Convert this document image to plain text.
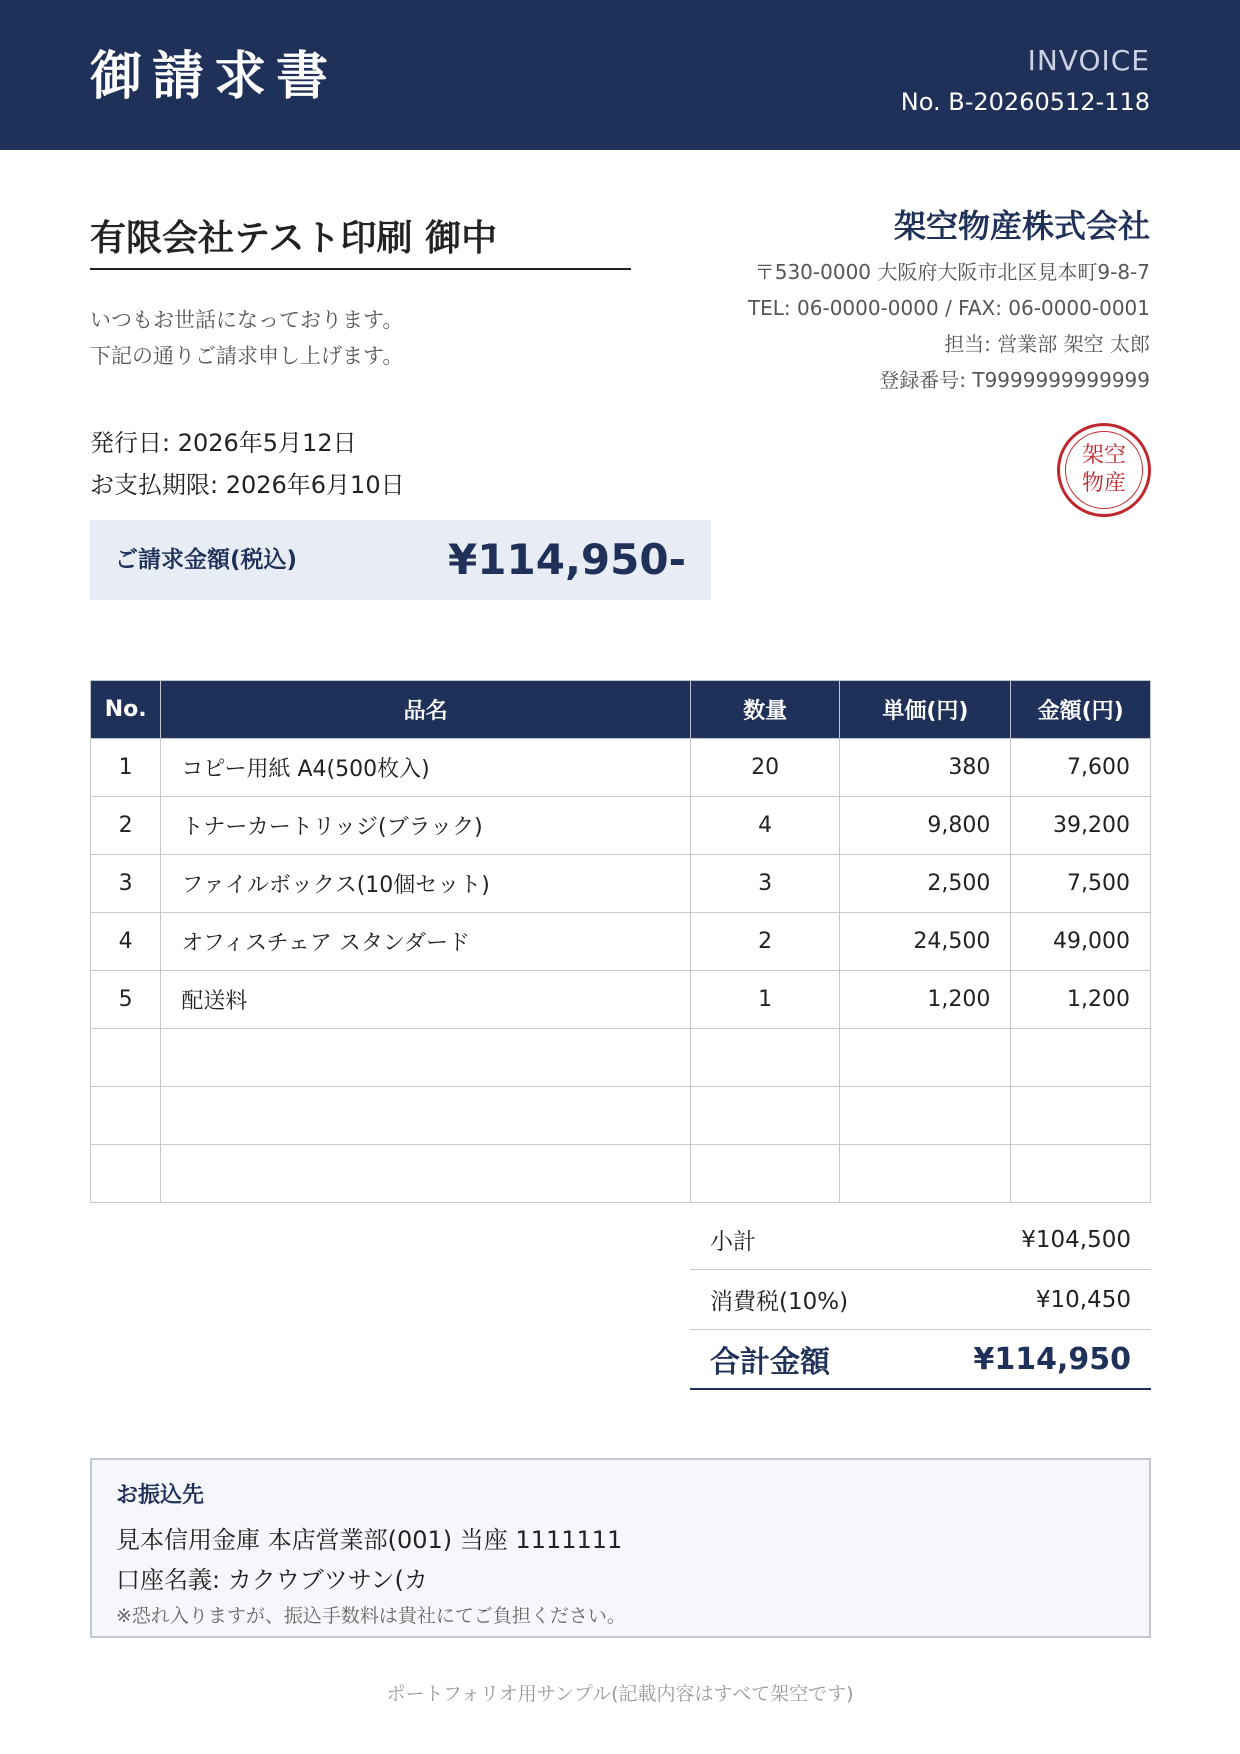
御請求書	INVOICE
No. B-20260512-118
有限会社テスト印刷 御中
いつもお世話になっております。
下記の通りご請求申し上げます。
架空物産株式会社
〒530-0000 大阪府大阪市北区見本町9-8-7
TEL: 06-0000-0000 / FAX: 06-0000-0001
担当: 営業部 架空 太郎
登録番号: T9999999999999
架空
物産
発行日: 2026年5月12日
お支払期限: 2026年6月10日
ご請求金額(税込)	¥114,950-
No.	品名	数量	単価(円)	金額(円)
1	コピー用紙 A4(500枚入)	20	380	7,600
2	トナーカートリッジ(ブラック)	4	9,800	39,200
3	ファイルボックス(10個セット)	3	2,500	7,500
4	オフィスチェア スタンダード	2	24,500	49,000
5	配送料	1	1,200	1,200

小計	¥104,500
消費税(10%)	¥10,450
合計金額	¥114,950
お振込先
見本信用金庫 本店営業部(001) 当座 1111111
口座名義: カクウブツサン(カ
※恐れ入りますが、振込手数料は貴社にてご負担ください。
ポートフォリオ用サンプル(記載内容はすべて架空です)
